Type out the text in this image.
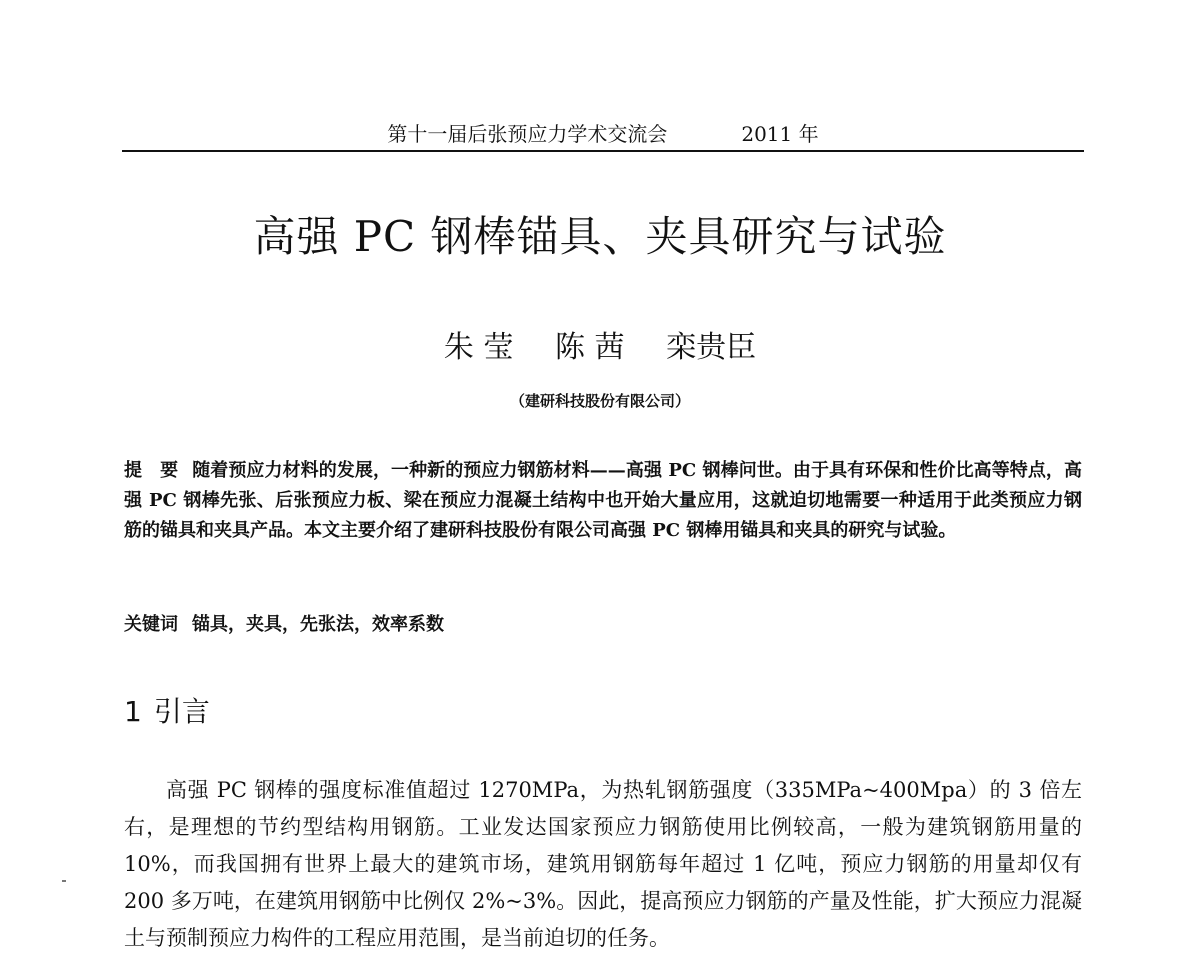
第十一届后张预应力学术交流会	2011 年
高强 PC 钢棒锚具、夹具研究与试验
朱 莹 陈 茜 栾贵臣
（建研科技股份有限公司）
提　要 随着预应力材料的发展，一种新的预应力钢筋材料——高强 PC 钢棒问世。由于具有环保和性价比高等特点，高强 PC 钢棒先张、后张预应力板、梁在预应力混凝土结构中也开始大量应用，这就迫切地需要一种适用于此类预应力钢筋的锚具和夹具产品。本文主要介绍了建研科技股份有限公司高强 PC 钢棒用锚具和夹具的研究与试验。
关键词 锚具，夹具，先张法，效率系数
1 引言
高强 PC 钢棒的强度标准值超过 1270MPa，为热轧钢筋强度（335MPa~400Mpa）的 3 倍左右，是理想的节约型结构用钢筋。工业发达国家预应力钢筋使用比例较高，一般为建筑钢筋用量的 10%，而我国拥有世界上最大的建筑市场，建筑用钢筋每年超过 1 亿吨，预应力钢筋的用量却仅有 200 多万吨，在建筑用钢筋中比例仅 2%~3%。因此，提高预应力钢筋的产量及性能，扩大预应力混凝土与预制预应力构件的工程应用范围，是当前迫切的任务。
